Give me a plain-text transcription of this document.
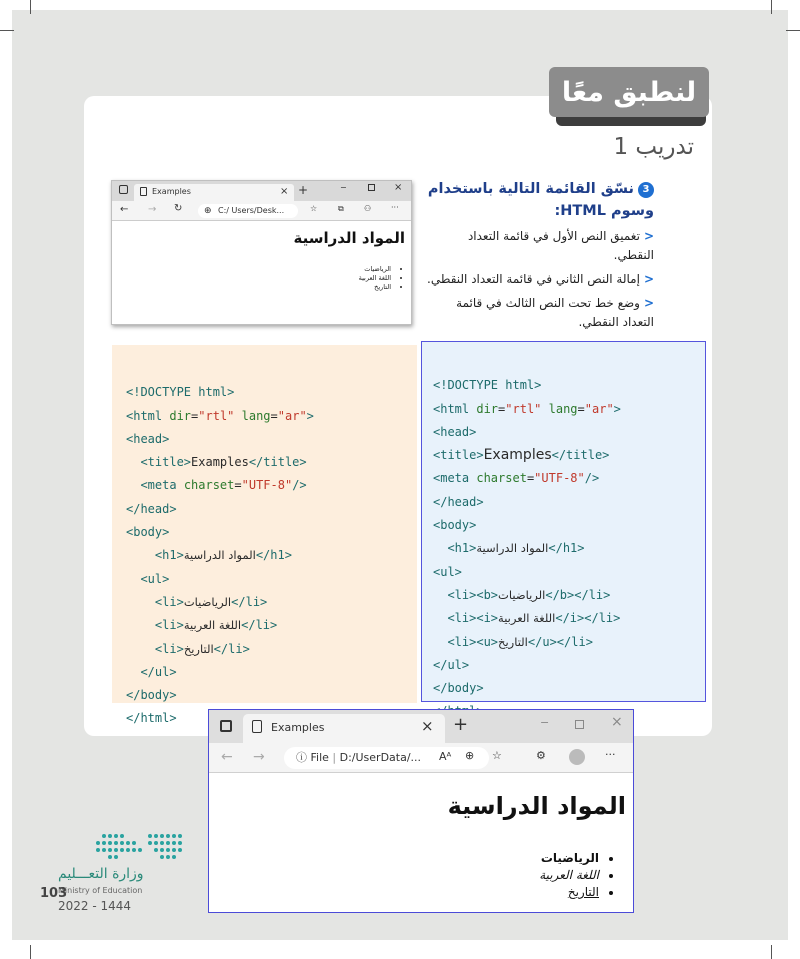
لنطبق معًا
تدريب 1
3نسّق القائمة التالية باستخدام وسوم HTML:
<تغميق النص الأول في قائمة التعداد النقطي.
<إمالة النص الثاني في قائمة التعداد النقطي.
<وضع خط تحت النص الثالث في قائمة التعداد النقطي.
Examples	× +	−	×
← → ↻ ⊕ C:/ Users/Desk...	☆	⧉	⚇ ···
المواد الدراسية
• الرياضيات
• اللغة العربية
• التاريخ

<!DOCTYPE html>
<html dir="rtl" lang="ar">
<head>
<title>Examples</title>
<meta charset="UTF-8"/>
</head>
<body>
<h1>المواد الدراسية</h1>
<ul>
<li>الرياضيات</li>
<li>اللغة العربية</li>
<li>التاريخ</li>
</ul>
</body>
</html>

<!DOCTYPE html>
<html dir="rtl" lang="ar">
<head>
<title>Examples</title>
<meta charset="UTF-8"/>
</head>
<body>
<h1>المواد الدراسية</h1>
<ul>
<li><b>الرياضيات</b></li>
<li><i>اللغة العربية</i></li>
<li><u>التاريخ</u></li>
</ul>
</body>
Examples	× +	−	×
← →	ⓘ File | D:/UserData/...	Aᴬ ⊕ ☆	⚙	···
المواد الدراسية
• الرياضيات
• اللغة العربية
• التاريخ
وزارة التعـــليم
Ministry of Education
2022 - 1444
103
